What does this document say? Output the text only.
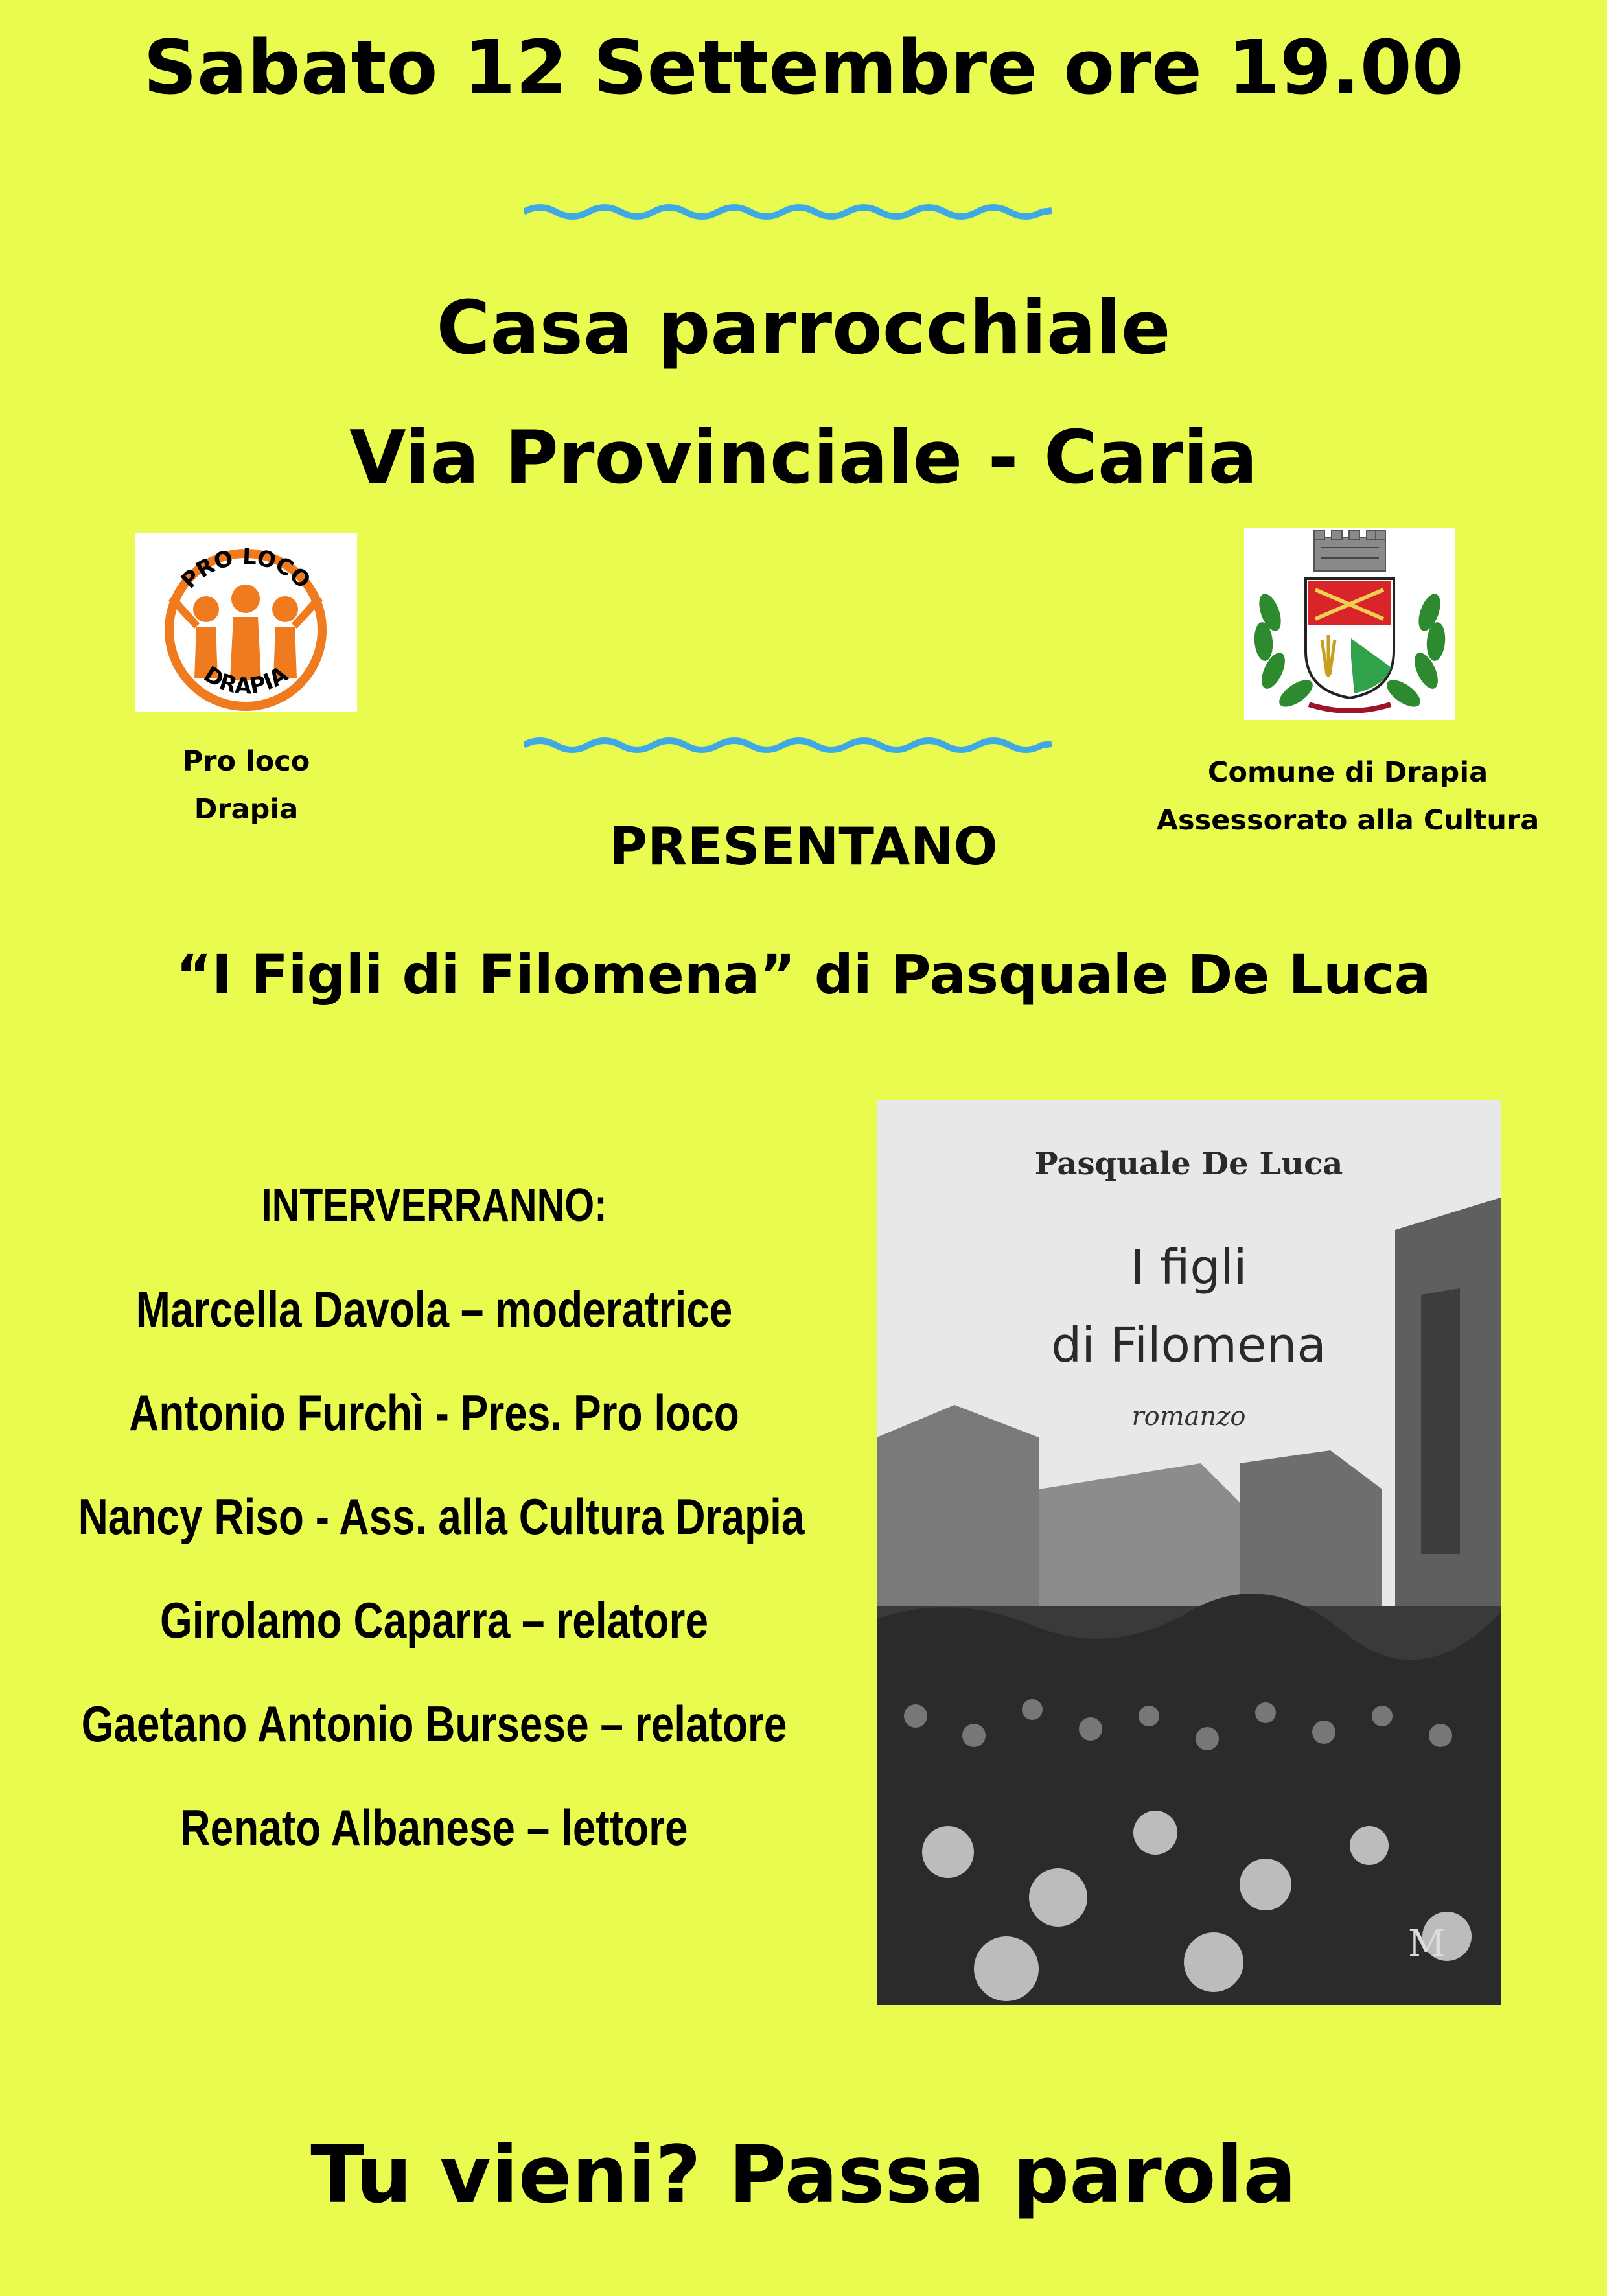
Sabato 12 Settembre ore 19.00
Casa parrocchiale
Via Provinciale - Caria
PRO LOCO
DRAPIA
Pro loco
Drapia
Comune di Drapia
Assessorato alla Cultura
PRESENTANO
“I Figli di Filomena” di Pasquale De Luca
INTERVERRANNO:
Marcella Davola – moderatrice
Antonio Furchì - Pres. Pro loco
Nancy Riso - Ass. alla Cultura Drapia
Girolamo Caparra – relatore
Gaetano Antonio Bursese – relatore
Renato Albanese – lettore
M
Pasquale De Luca
I figli
di Filomena
romanzo
Tu vieni? Passa parola
